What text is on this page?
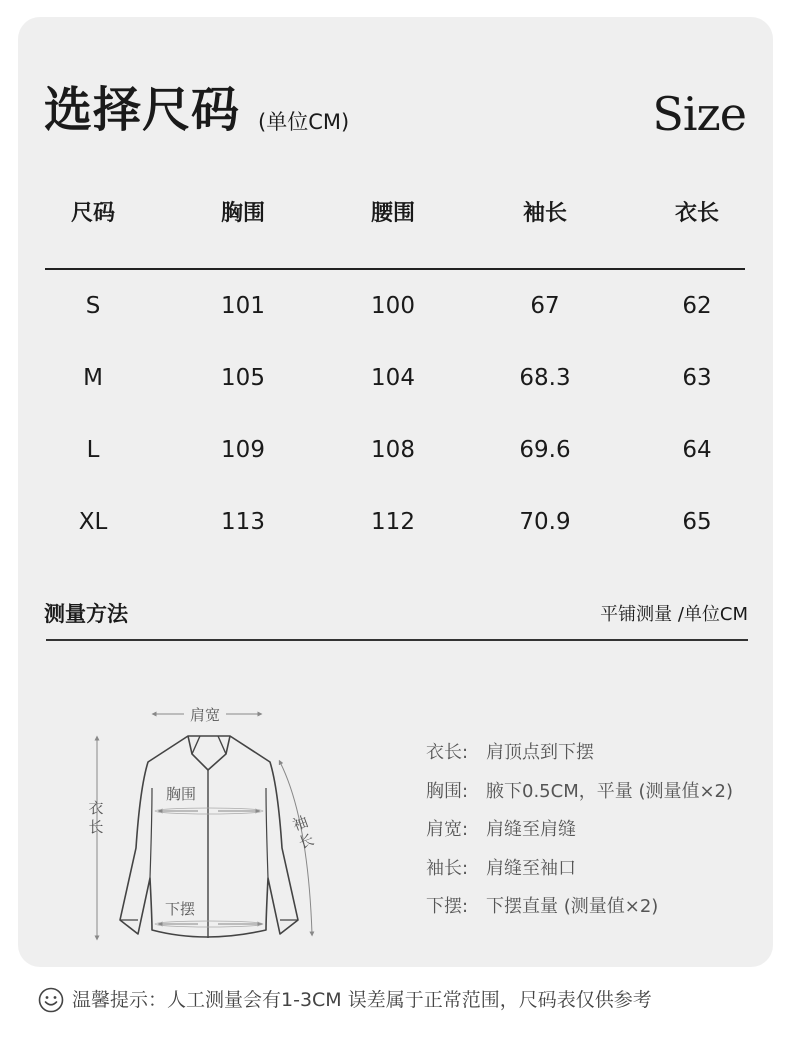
选择尺码 (单位CM)	Size
尺码	胸围	腰围	袖长	衣长
S	101	100	67	62
M	105	104	68.3	63
L	109	108	69.6	64
XL	113	112	70.9	65
测量方法	平铺测量 /单位CM
肩宽
衣
长	袖
长
胸围
下摆
衣长: 肩顶点到下摆
胸围: 腋下0.5CM，平量 (测量值×2)
肩宽: 肩缝至肩缝
袖长: 肩缝至袖口
下摆: 下摆直量 (测量值×2)
温馨提示：人工测量会有1-3CM 误差属于正常范围，尺码表仅供参考
